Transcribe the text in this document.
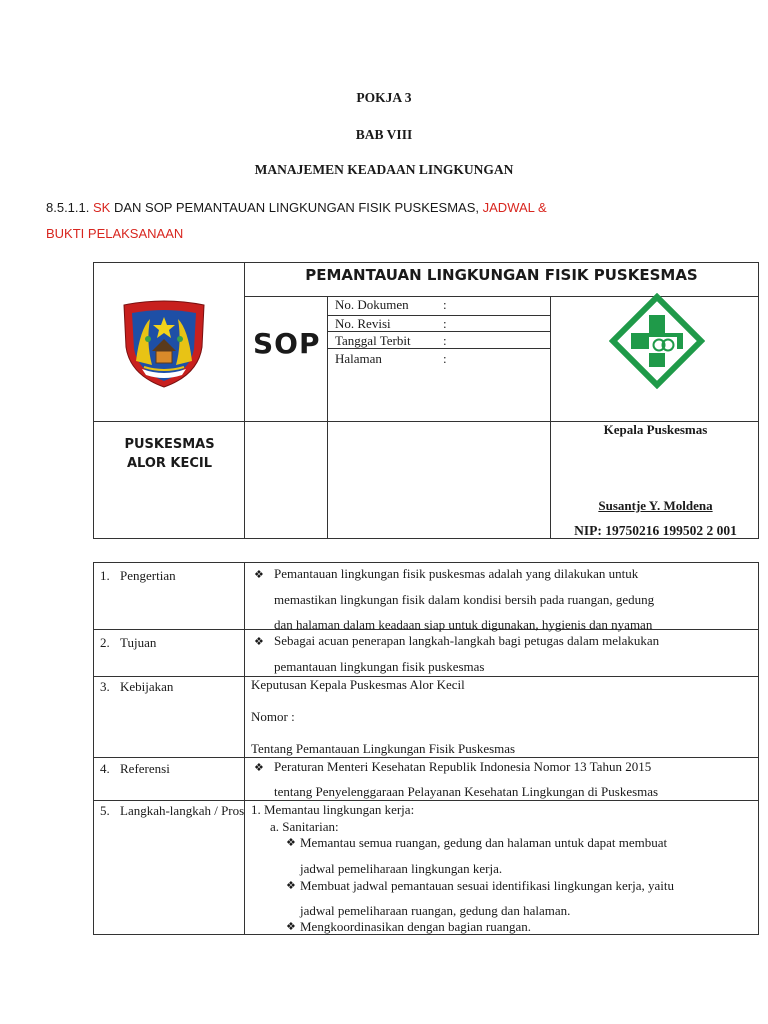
POKJA 3
BAB VIII
MANAJEMEN KEADAAN LINGKUNGAN
8.5.1.1. SK DAN SOP PEMANTAUAN LINGKUNGAN FISIK PUSKESMAS, JADWAL &
BUKTI PELAKSANAAN
PEMANTAUAN LINGKUNGAN FISIK PUSKESMAS
SOP
No. Dokumen	:
No. Revisi	:
Tanggal Terbit :
Halaman	:
PUSKESMAS
ALOR KECIL
Kepala Puskesmas
Susantje Y. Moldena
NIP: 19750216 199502 2 001
1. Pengertian	❖ Pemantauan lingkungan fisik puskesmas adalah yang dilakukan untuk
memastikan lingkungan fisik dalam kondisi bersih pada ruangan, gedung
dan halaman dalam keadaan siap untuk digunakan, hygienis dan nyaman
2. Tujuan	❖ Sebagai acuan penerapan langkah-langkah bagi petugas dalam melakukan
pemantauan lingkungan fisik puskesmas
3. Kebijakan	Keputusan Kepala Puskesmas Alor Kecil
Nomor :
Tentang Pemantauan Lingkungan Fisik Puskesmas
4. Referensi	❖ Peraturan Menteri Kesehatan Republik Indonesia Nomor 13 Tahun 2015
tentang Penyelenggaraan Pelayanan Kesehatan Lingkungan di Puskesmas
5. Langkah-langkah / Pros 1. Memantau lingkungan kerja:
a. Sanitarian:
❖ Memantau semua ruangan, gedung dan halaman untuk dapat membuat
jadwal pemeliharaan lingkungan kerja.
❖ Membuat jadwal pemantauan sesuai identifikasi lingkungan kerja, yaitu
jadwal pemeliharaan ruangan, gedung dan halaman.
❖ Mengkoordinasikan dengan bagian ruangan.
